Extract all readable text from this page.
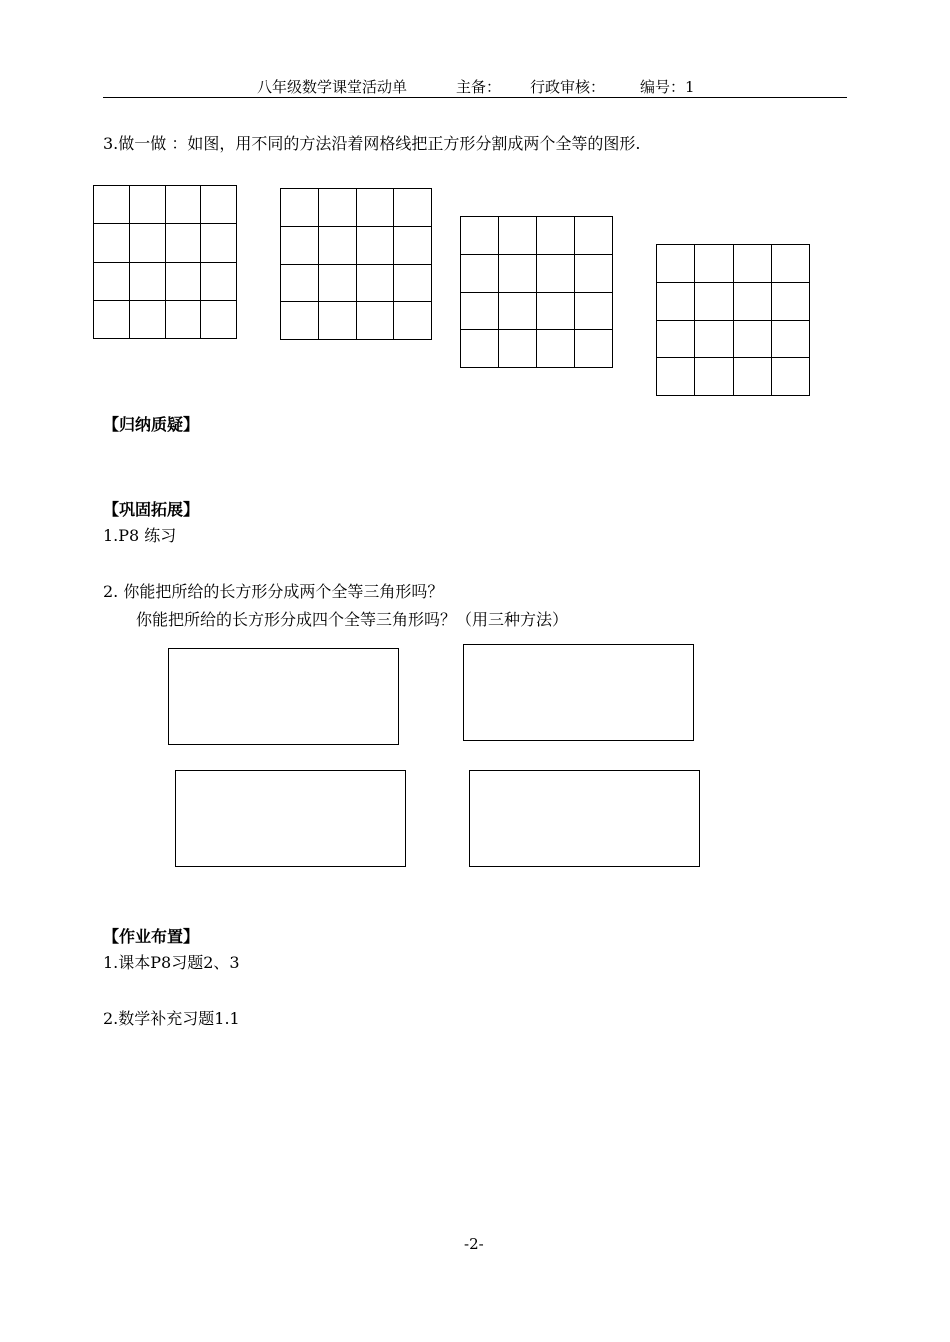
八年级数学课堂活动单	主备： 行政审核： 编号：1
3.做一做 ：如图，用不同的方法沿着网格线把正方形分割成两个全等的图形.

【归纳质疑】
【巩固拓展】
1.P8 练习
2. 你能把所给的长方形分成两个全等三角形吗？
你能把所给的长方形分成四个全等三角形吗？（用三种方法）
【作业布置】
1.课本P8习题2、3
2.数学补充习题1.1
-2-
